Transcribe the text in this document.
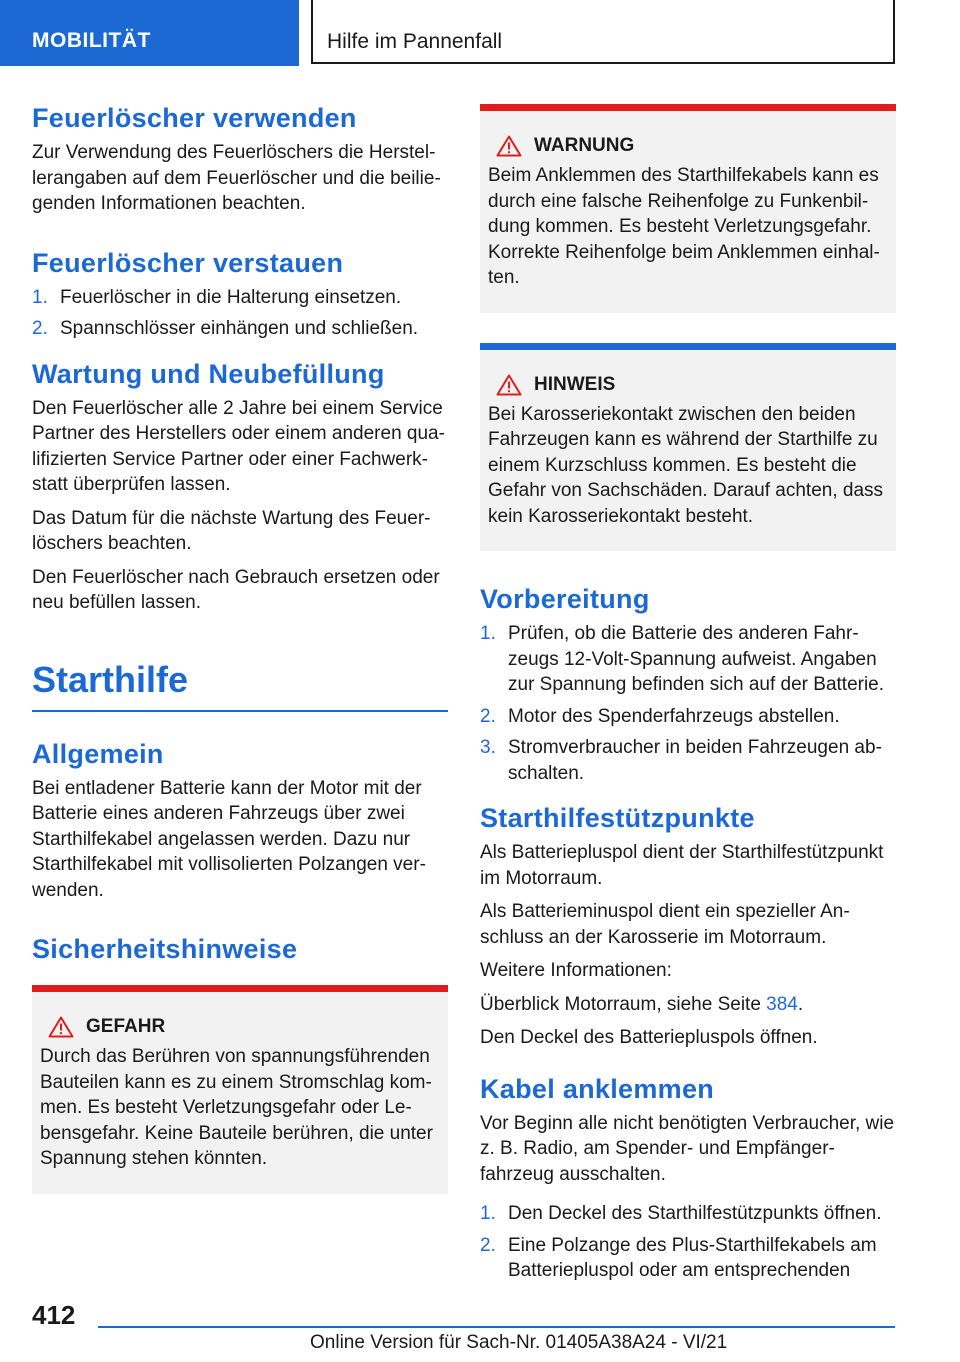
MOBILITÄT	Hilfe im Pannenfall
Feuerlöscher verwenden

Zur Verwendung des Feuerlöschers die Herstellerangaben auf dem Feuerlöscher und die beiliegenden Informationen beachten.

Feuerlöscher verstauen
1. Feuerlöscher in die Halterung einsetzen.
2. Spannschlösser einhängen und schließen.
Wartung und Neubefüllung

Den Feuerlöscher alle 2 Jahre bei einem Service Partner des Herstellers oder einem anderen qualifizierten Service Partner oder einer Fachwerkstatt überprüfen lassen.

Das Datum für die nächste Wartung des Feuerlöschers beachten.

Den Feuerlöscher nach Gebrauch ersetzen oder neu befüllen lassen.

Starthilfe
Allgemein

Bei entladener Batterie kann der Motor mit der Batterie eines anderen Fahrzeugs über zwei Starthilfekabel angelassen werden. Dazu nur Starthilfekabel mit vollisolierten Polzangen verwenden.

Sicherheitshinweise
GEFAHR

Durch das Berühren von spannungsführenden Bauteilen kann es zu einem Stromschlag kommen. Es besteht Verletzungsgefahr oder Lebensgefahr. Keine Bauteile berühren, die unter Spannung stehen könnten.

WARNUNG

Beim Anklemmen des Starthilfekabels kann es durch eine falsche Reihenfolge zu Funkenbildung kommen. Es besteht Verletzungsgefahr. Korrekte Reihenfolge beim Anklemmen einhalten.

HINWEIS

Bei Karosseriekontakt zwischen den beiden Fahrzeugen kann es während der Starthilfe zu einem Kurzschluss kommen. Es besteht die Gefahr von Sachschäden. Darauf achten, dass kein Karosseriekontakt besteht.

Vorbereitung
1. Prüfen, ob die Batterie des anderen Fahrzeugs 12-Volt-Spannung aufweist. Angaben zur Spannung befinden sich auf der Batterie.
2. Motor des Spenderfahrzeugs abstellen.
3. Stromverbraucher in beiden Fahrzeugen abschalten.
Starthilfestützpunkte

Als Batteriepluspol dient der Starthilfestützpunkt im Motorraum.

Als Batterieminuspol dient ein spezieller Anschluss an der Karosserie im Motorraum.

Weitere Informationen:

Überblick Motorraum, siehe Seite 384.

Den Deckel des Batteriepluspols öffnen.

Kabel anklemmen

Vor Beginn alle nicht benötigten Verbraucher, wie z. B. Radio, am Spender- und Empfängerfahrzeug ausschalten.

1. Den Deckel des Starthilfestützpunkts öffnen.
2. Eine Polzange des Plus-Starthilfekabels am Batteriepluspol oder am entsprechenden
412
Online Version für Sach-Nr. 01405A38A24 - VI/21
